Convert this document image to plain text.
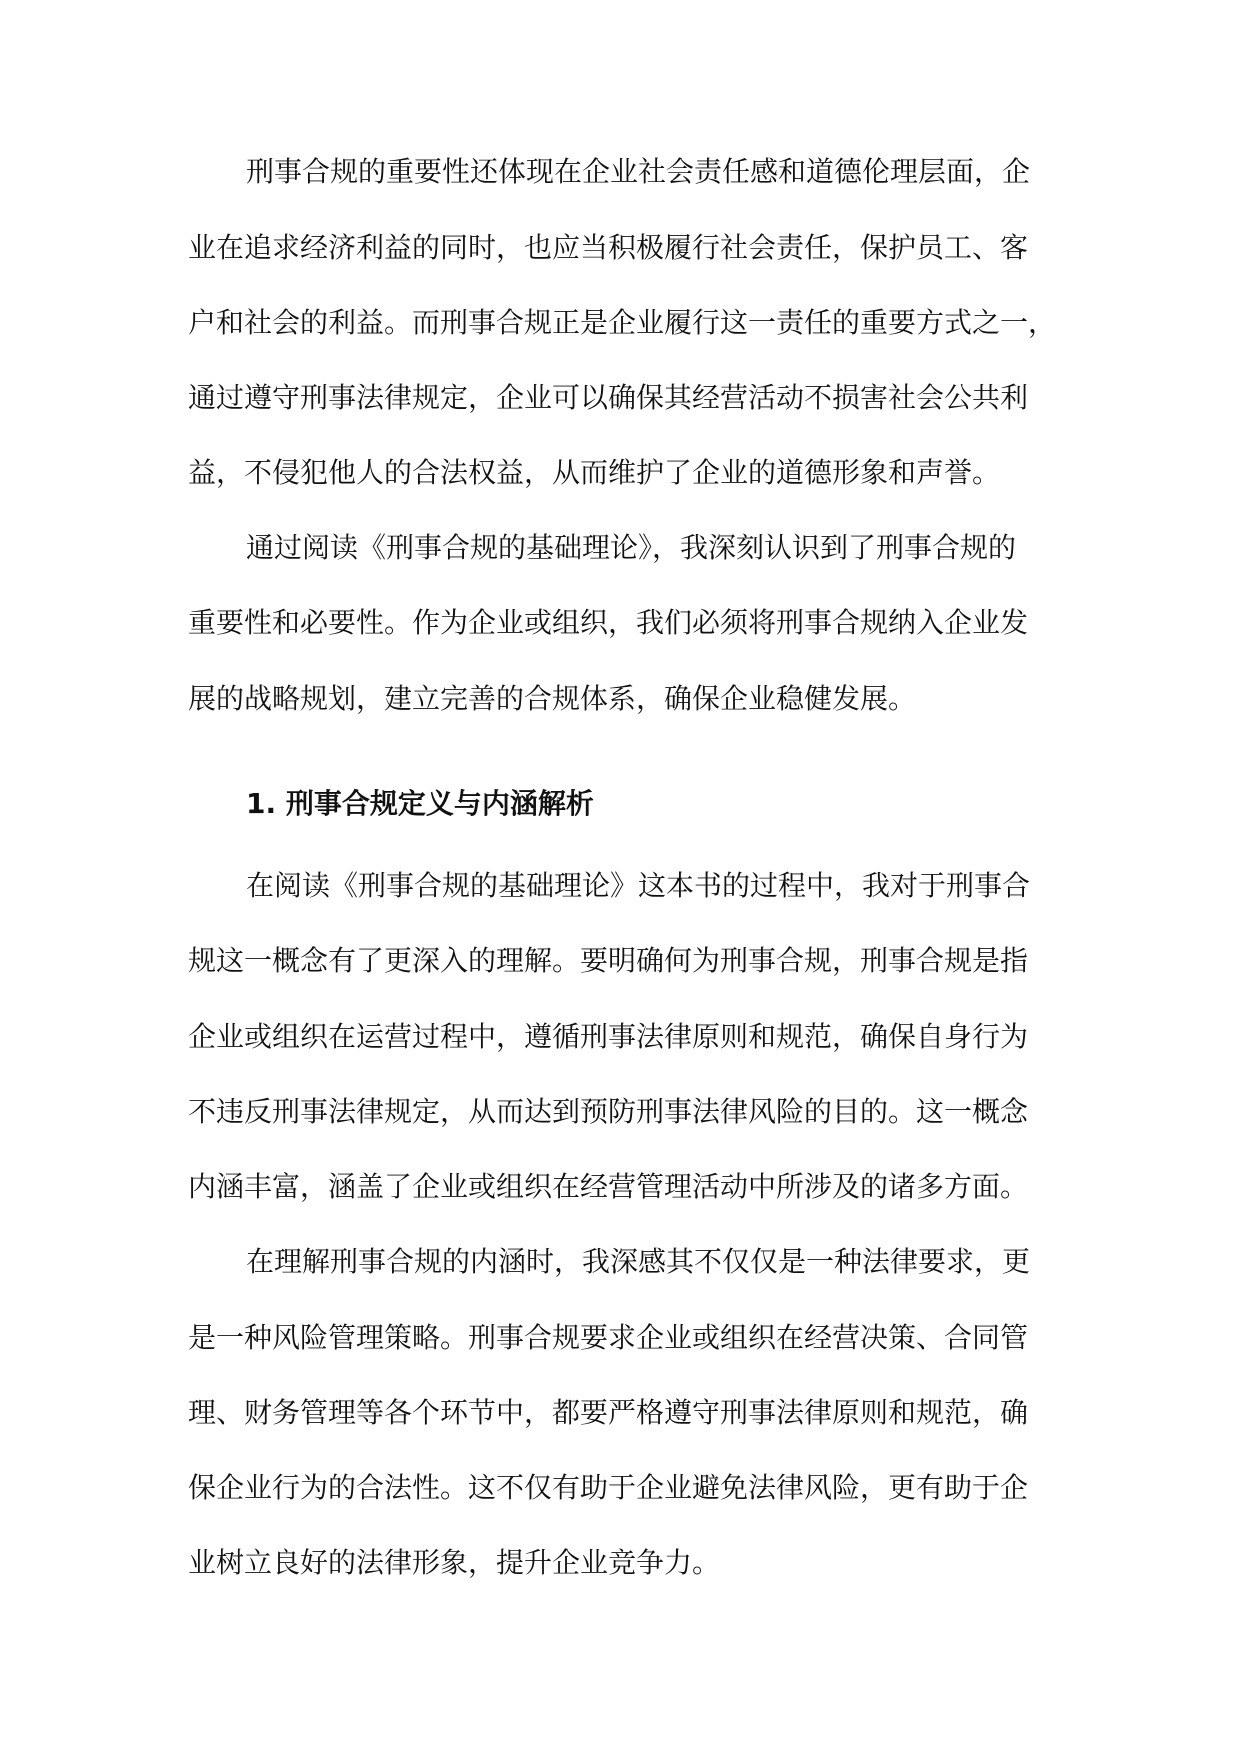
刑事合规的重要性还体现在企业社会责任感和道德伦理层面，企
业在追求经济利益的同时，也应当积极履行社会责任，保护员工、客
户和社会的利益。而刑事合规正是企业履行这一责任的重要方式之一，
通过遵守刑事法律规定，企业可以确保其经营活动不损害社会公共利
益，不侵犯他人的合法权益，从而维护了企业的道德形象和声誉。
通过阅读《刑事合规的基础理论》，我深刻认识到了刑事合规的
重要性和必要性。作为企业或组织，我们必须将刑事合规纳入企业发
展的战略规划，建立完善的合规体系，确保企业稳健发展。
1. 刑事合规定义与内涵解析
在阅读《刑事合规的基础理论》这本书的过程中，我对于刑事合
规这一概念有了更深入的理解。要明确何为刑事合规，刑事合规是指
企业或组织在运营过程中，遵循刑事法律原则和规范，确保自身行为
不违反刑事法律规定，从而达到预防刑事法律风险的目的。这一概念
内涵丰富，涵盖了企业或组织在经营管理活动中所涉及的诸多方面。
在理解刑事合规的内涵时，我深感其不仅仅是一种法律要求，更
是一种风险管理策略。刑事合规要求企业或组织在经营决策、合同管
理、财务管理等各个环节中，都要严格遵守刑事法律原则和规范，确
保企业行为的合法性。这不仅有助于企业避免法律风险，更有助于企
业树立良好的法律形象，提升企业竞争力。
